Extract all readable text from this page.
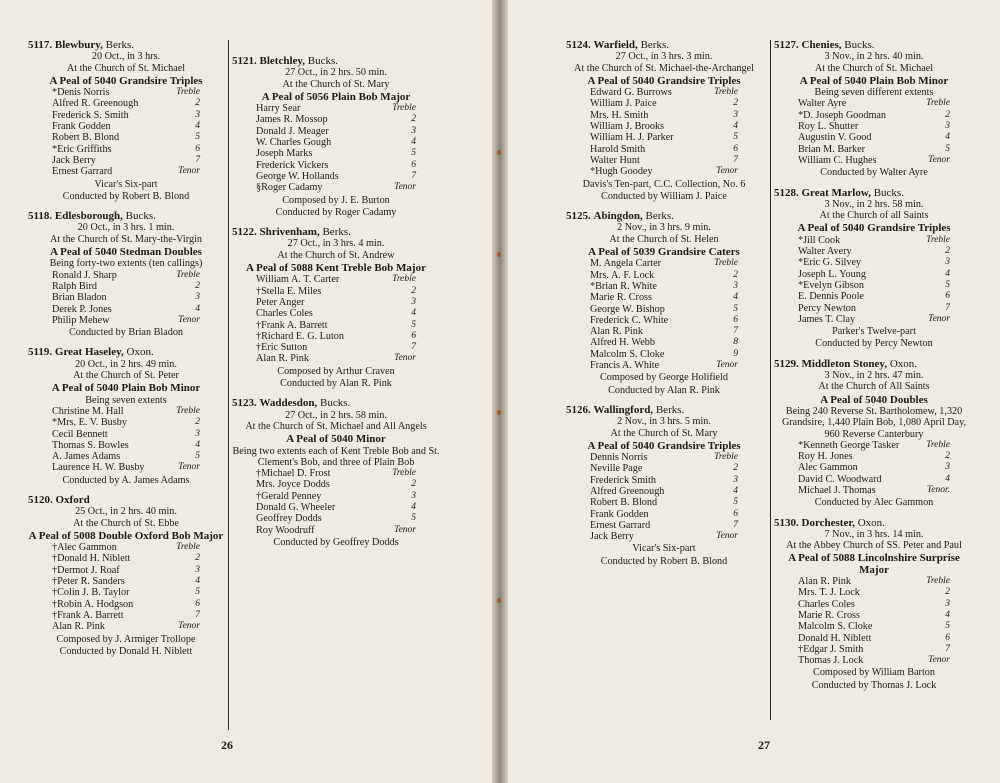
5117. Blewbury, Berks.
20 Oct., in 3 hrs.
At the Church of St. Michael
A Peal of 5040 Grandsire Triples
*Denis Norris	Treble
Alfred R. Greenough	2
Frederick S. Smith	3
Frank Godden	4
Robert B. Blond	5
*Eric Griffiths	6
Jack Berry	7
Ernest Garrard	Tenor
Vicar's Six-part
Conducted by Robert B. Blond
5118. Edlesborough, Bucks.
20 Oct., in 3 hrs. 1 min.
At the Church of St. Mary-the-Virgin
A Peal of 5040 Stedman Doubles
Being forty-two extents (ten callings)
Ronald J. Sharp	Treble
Ralph Bird	2
Brian Bladon	3
Derek P. Jones	4
Philip Mehew	Tenor
Conducted by Brian Bladon
5119. Great Haseley, Oxon.
20 Oct., in 2 hrs. 49 min.
At the Church of St. Peter
A Peal of 5040 Plain Bob Minor
Being seven extents
Christine M. Hall	Treble
*Mrs. E. V. Busby	2
Cecil Bennett	3
Thomas S. Bowles	4
A. James Adams	5
Laurence H. W. Busby	Tenor
Conducted by A. James Adams
5120. Oxford
25 Oct., in 2 hrs. 40 min.
At the Church of St. Ebbe
A Peal of 5008 Double Oxford Bob Major
†Alec Gammon	Treble
†Donald H. Niblett	2
†Dermot J. Roaf	3
†Peter R. Sanders	4
†Colin J. B. Taylor	5
†Robin A. Hodgson	6
†Frank A. Barrett	7
Alan R. Pink	Tenor
Composed by J. Armiger Trollope
Conducted by Donald H. Niblett
5121. Bletchley, Bucks.
27 Oct., in 2 hrs. 50 min.
At the Church of St. Mary
A Peal of 5056 Plain Bob Major
Harry Sear	Treble
James R. Mossop	2
Donald J. Meager	3
W. Charles Gough	4
Joseph Marks	5
Frederick Vickers	6
George W. Hollands	7
§Roger Cadamy	Tenor
Composed by J. E. Burton
Conducted by Roger Cadamy
5122. Shrivenham, Berks.
27 Oct., in 3 hrs. 4 min.
At the Church of St. Andrew
A Peal of 5088 Kent Treble Bob Major
William A. T. Carter	Treble
†Stella E. Miles	2
Peter Anger	3
Charles Coles	4
†Frank A. Barrett	5
†Richard E. G. Luton	6
†Eric Sutton	7
Alan R. Pink	Tenor
Composed by Arthur Craven
Conducted by Alan R. Pink
5123. Waddesdon, Bucks.
27 Oct., in 2 hrs. 58 min.
At the Church of St. Michael and All Angels
A Peal of 5040 Minor
Being two extents each of Kent Treble Bob and St. Clement's Bob, and three of Plain Bob
†Michael D. Frost	Treble
Mrs. Joyce Dodds	2
†Gerald Penney	3
Donald G. Wheeler	4
Geoffrey Dodds	5
Roy Woodruff	Tenor
Conducted by Geoffrey Dodds
26
5124. Warfield, Berks.
27 Oct., in 3 hrs. 3 min.
At the Church of St. Michael-the-Archangel
A Peal of 5040 Grandsire Triples
Edward G. Burrows	Treble
William J. Paice	2
Mrs. H. Smith	3
William J. Brooks	4
William H. J. Parker	5
Harold Smith	6
Walter Hunt	7
*Hugh Goodey	Tenor
Davis's Ten-part, C.C. Collection, No. 6
Conducted by William J. Paice
5125. Abingdon, Berks.
2 Nov., in 3 hrs. 9 min.
At the Church of St. Helen
A Peal of 5039 Grandsire Caters
M. Angela Carter	Treble
Mrs. A. F. Lock	2
*Brian R. White	3
Marie R. Cross	4
George W. Bishop	5
Frederick C. White	6
Alan R. Pink	7
Alfred H. Webb	8
Malcolm S. Cloke	9
Francis A. White	Tenor
Composed by George Holifield
Conducted by Alan R. Pink
5126. Wallingford, Berks.
2 Nov., in 3 hrs. 5 min.
At the Church of St. Mary
A Peal of 5040 Grandsire Triples
Dennis Norris	Treble
Neville Page	2
Frederick Smith	3
Alfred Greenough	4
Robert B. Blond	5
Frank Godden	6
Ernest Garrard	7
Jack Berry	Tenor
Vicar's Six-part
Conducted by Robert B. Blond
5127. Chenies, Bucks.
3 Nov., in 2 hrs. 40 min.
At the Church of St. Michael
A Peal of 5040 Plain Bob Minor
Being seven different extents
Walter Ayre	Treble
*D. Joseph Goodman	2
Roy L. Shutter	3
Augustin V. Good	4
Brian M. Barker	5
William C. Hughes	Tenor
Conducted by Walter Ayre
5128. Great Marlow, Bucks.
3 Nov., in 2 hrs. 58 min.
At the Church of all Saints
A Peal of 5040 Grandsire Triples
*Jill Cook	Treble
Walter Avery	2
*Eric G. Silvey	3
Joseph L. Young	4
*Evelyn Gibson	5
E. Dennis Poole	6
Percy Newton	7
James T. Clay	Tenor
Parker's Twelve-part
Conducted by Percy Newton
5129. Middleton Stoney, Oxon.
3 Nov., in 2 hrs. 47 min.
At the Church of All Saints
A Peal of 5040 Doubles
Being 240 Reverse St. Bartholomew, 1,320 Grandsire, 1,440 Plain Bob, 1,080 April Day, 960 Reverse Canterbury
*Kenneth George Tasker	Treble
Roy H. Jones	2
Alec Gammon	3
David C. Woodward	4
Michael J. Thomas	Tenor.
Conducted by Alec Gammon
5130. Dorchester, Oxon.
7 Nov., in 3 hrs. 14 min.
At the Abbey Church of SS. Peter and Paul
A Peal of 5088 Lincolnshire Surprise Major
Alan R. Pink	Treble
Mrs. T. J. Lock	2
Charles Coles	3
Marie R. Cross	4
Malcolm S. Cloke	5
Donald H. Niblett	6
†Edgar J. Smith	7
Thomas J. Lock	Tenor
Composed by William Barton
Conducted by Thomas J. Lock
27
